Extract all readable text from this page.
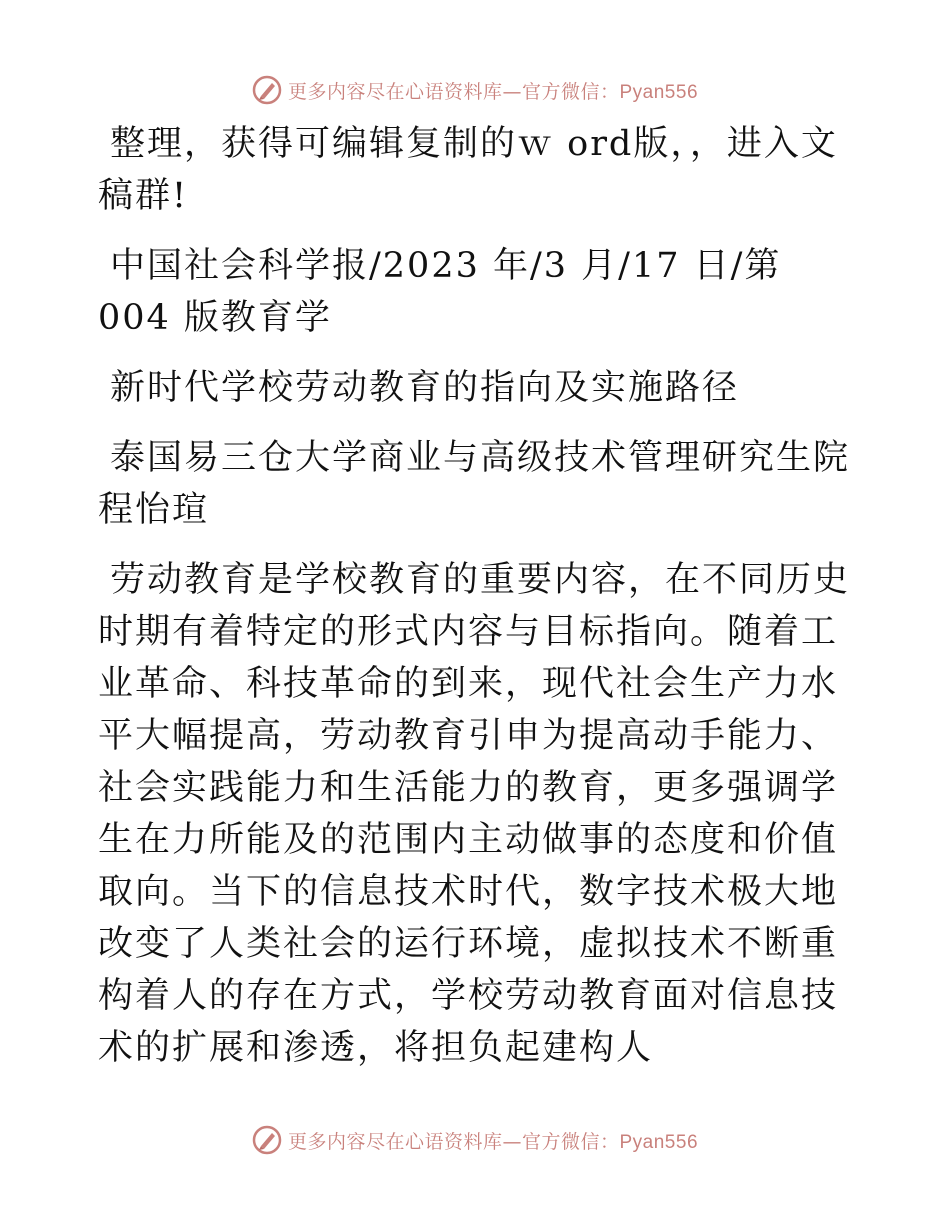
更多内容尽在心语资料库—官方微信：Pyan556

整理，获得可编辑复制的ｗ ord版，，进入文稿群!

中国社会科学报/2023 年/3 月/17 日/第 004 版教育学

新时代学校劳动教育的指向及实施路径

泰国易三仓大学商业与高级技术管理研究生院 程怡瑄

劳动教育是学校教育的重要内容，在不同历史时期有着特定的形式内容与目标指向。随着工业革命、科技革命的到来，现代社会生产力水平大幅提高，劳动教育引申为提高动手能力、社会实践能力和生活能力的教育，更多强调学生在力所能及的范围内主动做事的态度和价值取向。当下的信息技术时代，数字技术极大地改变了人类社会的运行环境，虚拟技术不断重构着人的存在方式，学校劳动教育面对信息技术的扩展和渗透，将担负起建构人

更多内容尽在心语资料库—官方微信：Pyan556
